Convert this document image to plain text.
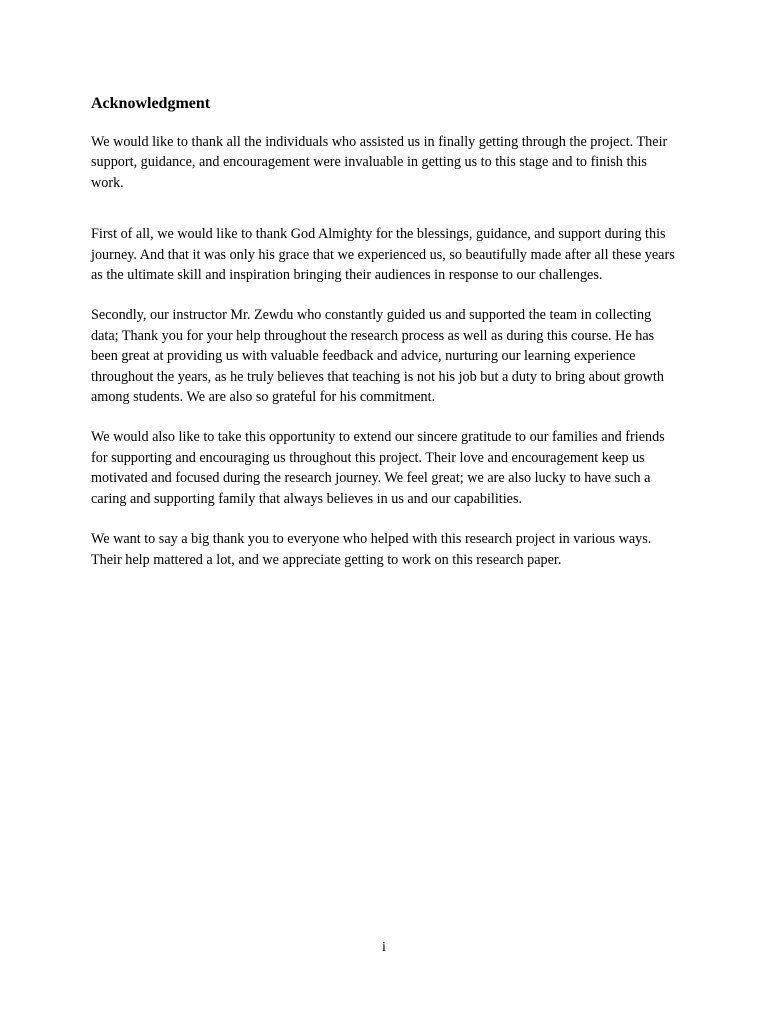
Acknowledgment

We would like to thank all the individuals who assisted us in finally getting through the project. Their support, guidance, and encouragement were invaluable in getting us to this stage and to finish this work.

First of all, we would like to thank God Almighty for the blessings, guidance, and support during this journey. And that it was only his grace that we experienced us, so beautifully made after all these years as the ultimate skill and inspiration bringing their audiences in response to our challenges.

Secondly, our instructor Mr. Zewdu who constantly guided us and supported the team in collecting data; Thank you for your help throughout the research process as well as during this course. He has been great at providing us with valuable feedback and advice, nurturing our learning experience throughout the years, as he truly believes that teaching is not his job but a duty to bring about growth among students. We are also so grateful for his commitment.

We would also like to take this opportunity to extend our sincere gratitude to our families and friends for supporting and encouraging us throughout this project. Their love and encouragement keep us motivated and focused during the research journey. We feel great; we are also lucky to have such a caring and supporting family that always believes in us and our capabilities.

We want to say a big thank you to everyone who helped with this research project in various ways. Their help mattered a lot, and we appreciate getting to work on this research paper.

i
